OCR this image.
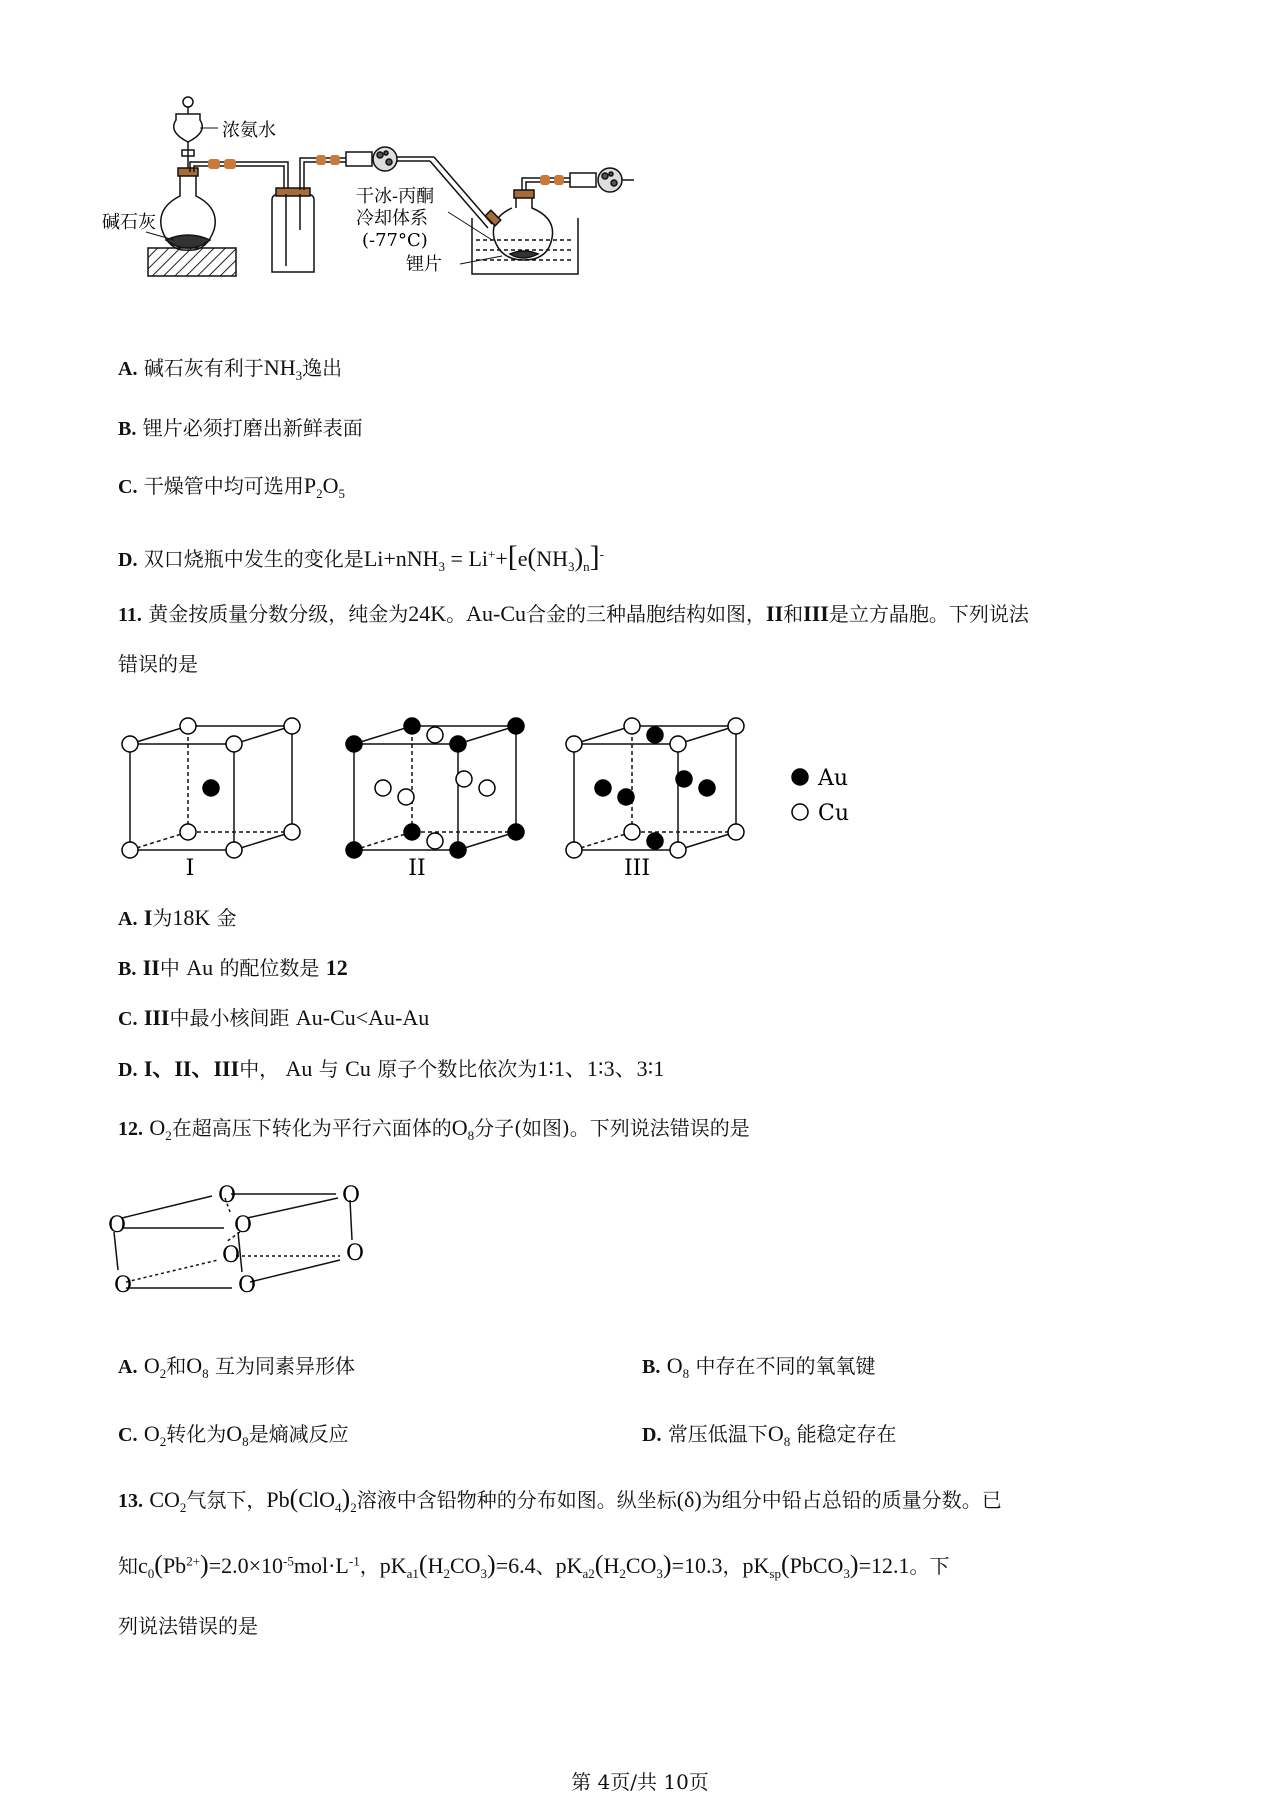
浓氨水
碱石灰
干冰-丙酮
冷却体系
(-77°C)
锂片
A. 碱石灰有利于$NH_3$逸出
B. 锂片必须打磨出新鲜表面
C. 干燥管中均可选用$P_2O_5$
D. 双口烧瓶中发生的变化是$Li+nNH_3 = Li^++[e(NH_3)_n]^-$
11. 黄金按质量分数分级，纯金为24K。Au-Cu合金的三种晶胞结构如图，II和III是立方晶胞。下列说法
错误的是
I	II	III
Au
Cu
A. I为18K 金
B. II中 Au 的配位数是 12
C. III中最小核间距 Au-Cu<Au-Au
D. I、II、III中， Au 与 Cu 原子个数比依次为1∶1、1∶3、3∶1
12. $O_2$在超高压下转化为平行六面体的$O_8$分子(如图)。下列说法错误的是
O	O
O	O
O
O
O	O
A. $O_2$和$O_8$ 互为同素异形体	B. $O_8$ 中存在不同的氧氧键
C. $O_2$转化为$O_8$是熵减反应	D. 常压低温下$O_8$ 能稳定存在
13. $CO_2$气氛下，$Pb(ClO_4)_2$溶液中含铅物种的分布如图。纵坐标(δ)为组分中铅占总铅的质量分数。已
知$c_0(Pb^{2+})=2.0\times 10^{-5}mol\cdot L^{-1}$，$pK_{a1}(H_2CO_3)=6.4$、$pK_{a2}(H_2CO_3)=10.3$，$pK_{sp}(PbCO_3)=12.1$。下
列说法错误的是
第 4页/共 10页
